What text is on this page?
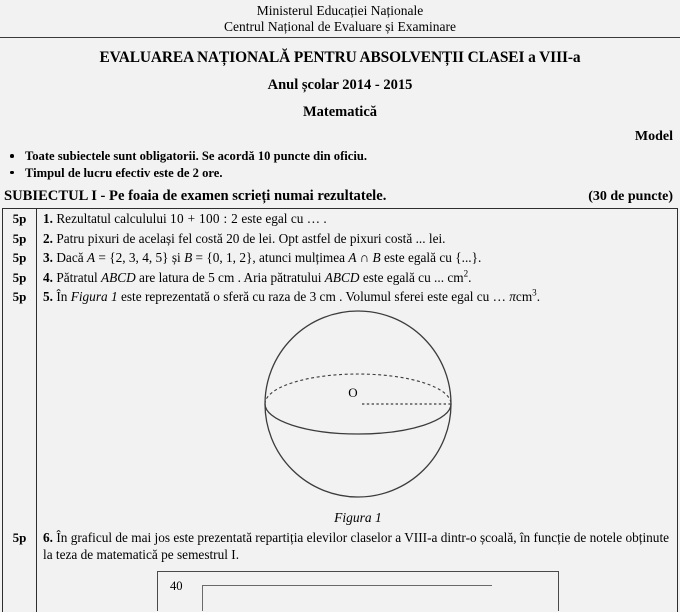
Ministerul Educației Naționale
Centrul Național de Evaluare și Examinare
EVALUAREA NAȚIONALĂ PENTRU ABSOLVENȚII CLASEI a VIII-a
Anul școlar 2014 - 2015
Matematică
Model
Toate subiectele sunt obligatorii. Se acordă 10 puncte din oficiu.
Timpul de lucru efectiv este de 2 ore.
SUBIECTUL I - Pe foaia de examen scrieți numai rezultatele.	(30 de puncte)
5p	1. Rezultatul calculului 10 + 100 : 2 este egal cu … .
5p	2. Patru pixuri de același fel costă 20 de lei. Opt astfel de pixuri costă ... lei.
5p	3. Dacă A = {2, 3, 4, 5} și B = {0, 1, 2}, atunci mulțimea A ∩ B este egală cu {...}.
5p	4. Pătratul ABCD are latura de 5 cm . Aria pătratului ABCD este egală cu ... $cm^2$.
5p	5. În Figura 1 este reprezentată o sferă cu raza de 3 cm . Volumul sferei este egal cu … πcm$^3$.
O
Figura 1
5p	6. În graficul de mai jos este prezentată repartiția elevilor claselor a VIII-a dintr-o școală, în funcție de notele obținute la teza de matematică pe semestrul I.
40
